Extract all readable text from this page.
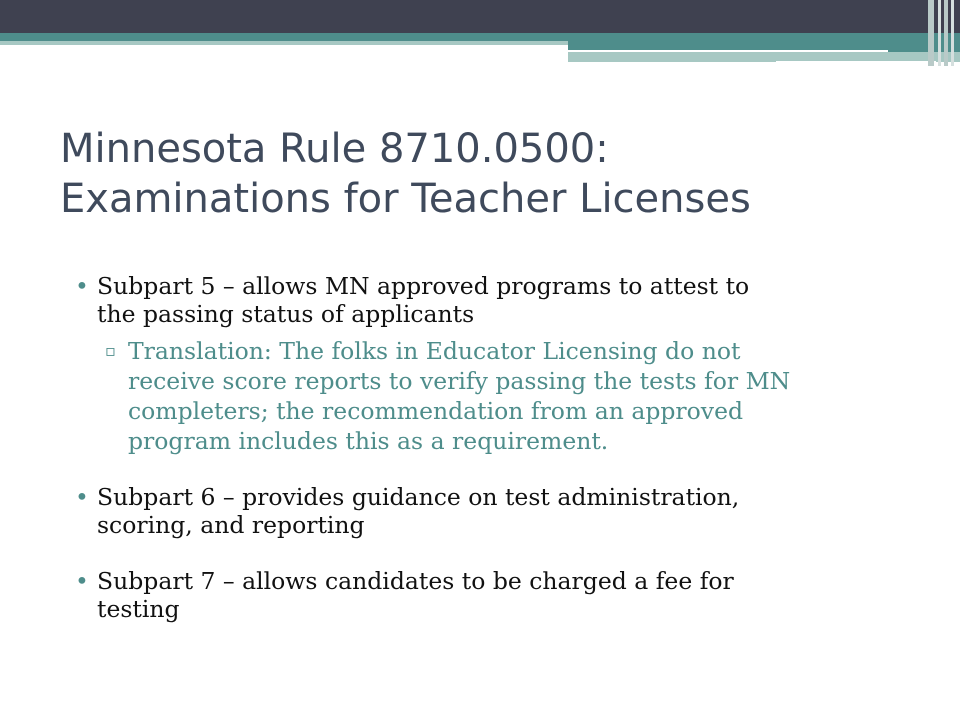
Minnesota Rule 8710.0500:
Examinations for Teacher Licenses
• Subpart 5 – allows MN approved programs to attest to
the passing status of applicants
▫ Translation: The folks in Educator Licensing do not
receive score reports to verify passing the tests for MN
completers; the recommendation from an approved
program includes this as a requirement.
• Subpart 6 – provides guidance on test administration,
scoring, and reporting
• Subpart 7 – allows candidates to be charged a fee for
testing
